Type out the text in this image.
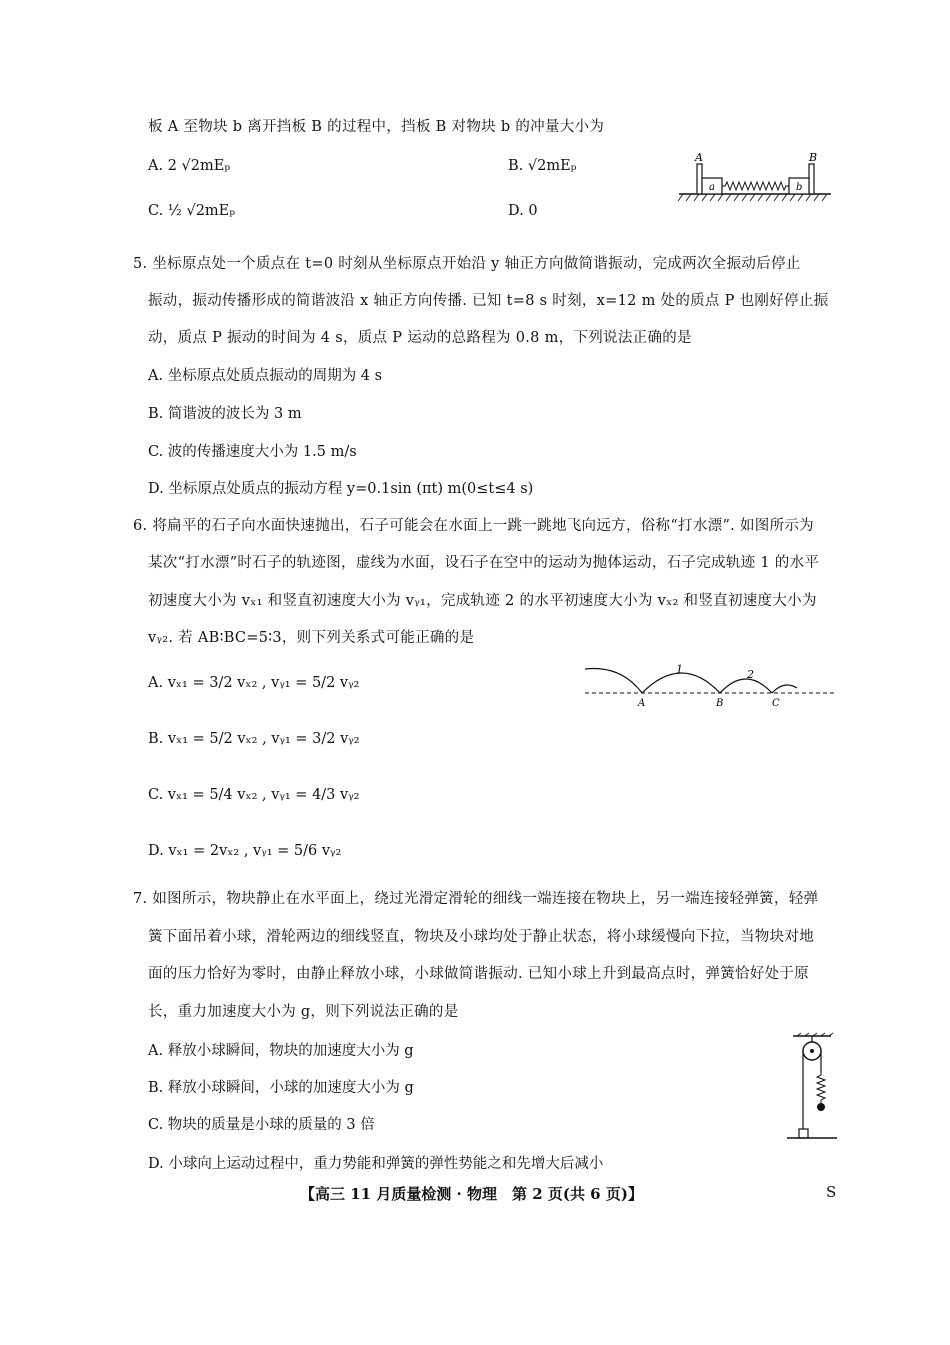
板 A 至物块 b 离开挡板 B 的过程中，挡板 B 对物块 b 的冲量大小为
A. 2 √2mEₚ	B. √2mEₚ
C. ½ √2mEₚ	D. 0
A	B
a	b
5. 坐标原点处一个质点在 t=0 时刻从坐标原点开始沿 y 轴正方向做简谐振动，完成两次全振动后停止
振动，振动传播形成的简谐波沿 x 轴正方向传播. 已知 t=8 s 时刻，x=12 m 处的质点 P 也刚好停止振
动，质点 P 振动的时间为 4 s，质点 P 运动的总路程为 0.8 m，下列说法正确的是
A. 坐标原点处质点振动的周期为 4 s
B. 简谐波的波长为 3 m
C. 波的传播速度大小为 1.5 m/s
D. 坐标原点处质点的振动方程 y=0.1sin (πt) m(0≤t≤4 s)
6. 将扁平的石子向水面快速抛出，石子可能会在水面上一跳一跳地飞向远方，俗称“打水漂”. 如图所示为
某次“打水漂”时石子的轨迹图，虚线为水面，设石子在空中的运动为抛体运动，石子完成轨迹 1 的水平
初速度大小为 vₓ₁ 和竖直初速度大小为 vᵧ₁，完成轨迹 2 的水平初速度大小为 vₓ₂ 和竖直初速度大小为
vᵧ₂. 若 AB∶BC=5∶3，则下列关系式可能正确的是
A. vₓ₁ = 3/2 vₓ₂ , vᵧ₁ = 5/2 vᵧ₂
B. vₓ₁ = 5/2 vₓ₂ , vᵧ₁ = 3/2 vᵧ₂
C. vₓ₁ = 5/4 vₓ₂ , vᵧ₁ = 4/3 vᵧ₂
D. vₓ₁ = 2vₓ₂ , vᵧ₁ = 5/6 vᵧ₂
1	2
A	B	C
7. 如图所示，物块静止在水平面上，绕过光滑定滑轮的细线一端连接在物块上，另一端连接轻弹簧，轻弹
簧下面吊着小球，滑轮两边的细线竖直，物块及小球均处于静止状态，将小球缓慢向下拉，当物块对地
面的压力恰好为零时，由静止释放小球，小球做简谐振动. 已知小球上升到最高点时，弹簧恰好处于原
长，重力加速度大小为 g，则下列说法正确的是
A. 释放小球瞬间，物块的加速度大小为 g
B. 释放小球瞬间，小球的加速度大小为 g
C. 物块的质量是小球的质量的 3 倍
D. 小球向上运动过程中，重力势能和弹簧的弹性势能之和先增大后减小
【高三 11 月质量检测 · 物理　第 2 页(共 6 页)】	S
